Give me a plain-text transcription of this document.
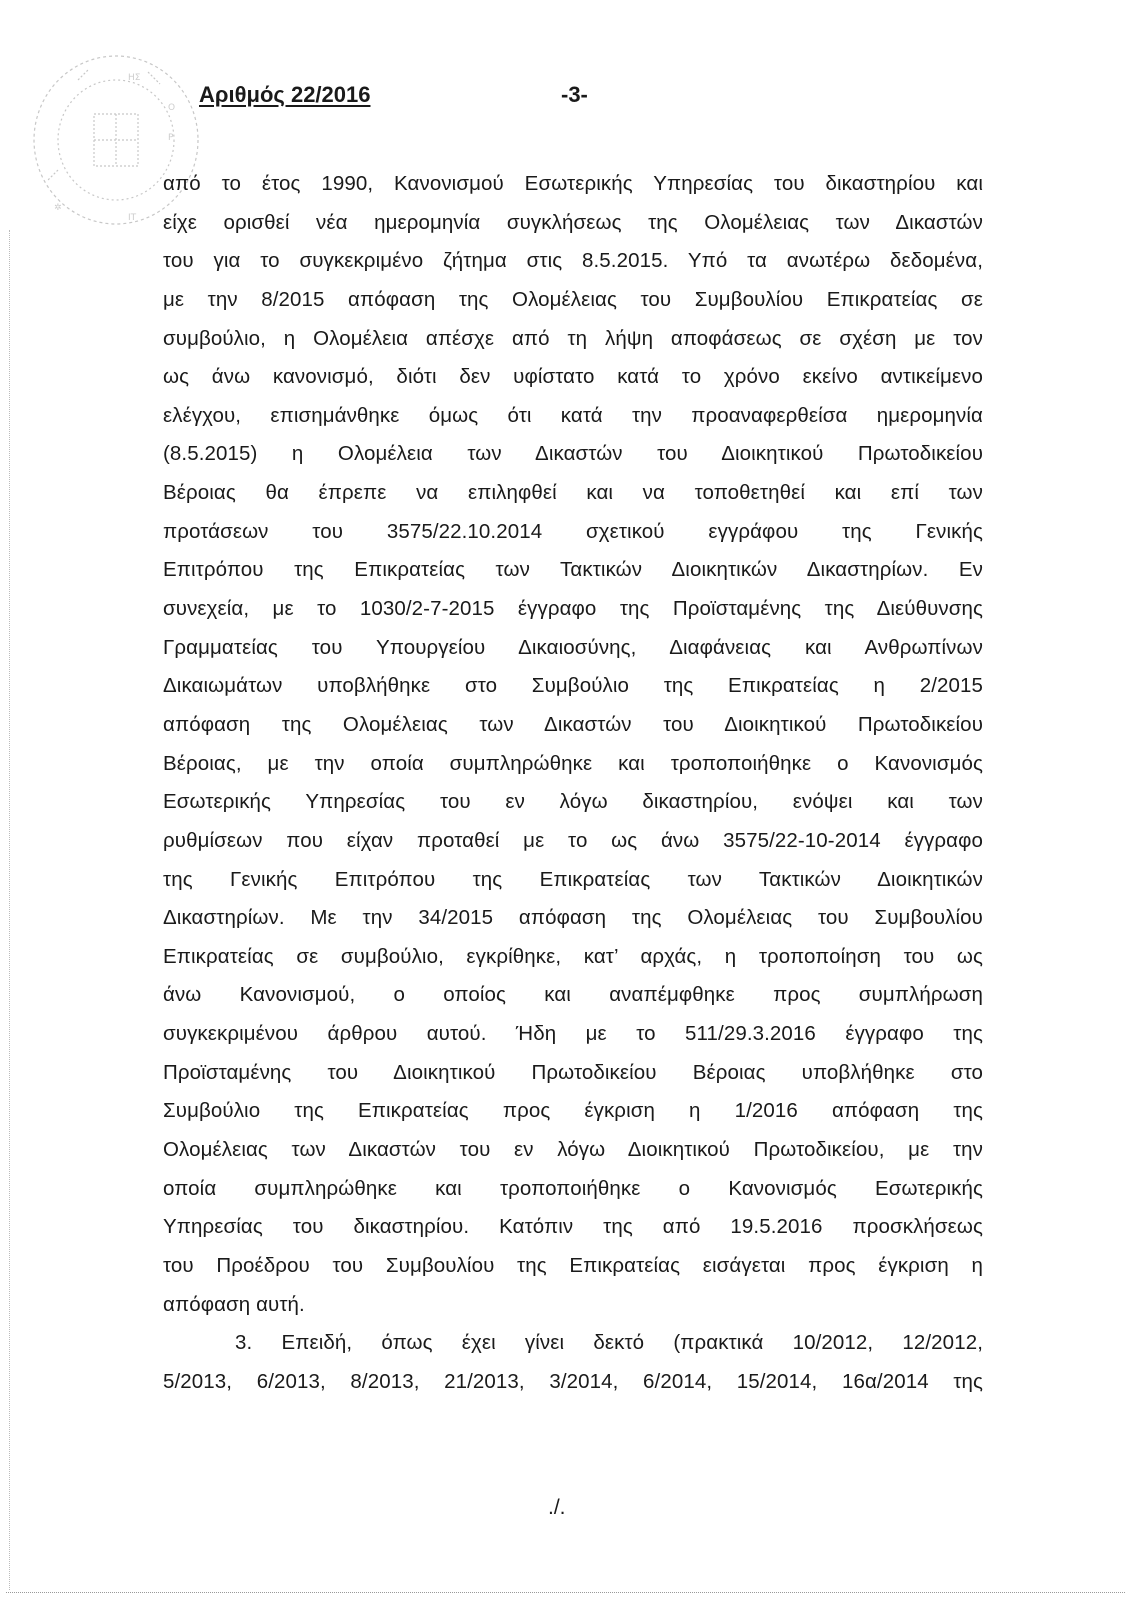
ΗΣ
Ο
Ρ
✲
ΙΤ
Αριθμός 22/2016	-3-
από το έτος 1990, Κανονισμού Εσωτερικής Υπηρεσίας του δικαστηρίου και
είχε ορισθεί νέα ημερομηνία συγκλήσεως της Ολομέλειας των Δικαστών
του για το συγκεκριμένο ζήτημα στις 8.5.2015. Υπό τα ανωτέρω δεδομένα,
με την 8/2015 απόφαση της Ολομέλειας του Συμβουλίου Επικρατείας σε
συμβούλιο, η Ολομέλεια απέσχε από τη λήψη αποφάσεως σε σχέση με τον
ως άνω κανονισμό, διότι δεν υφίστατο κατά το χρόνο εκείνο αντικείμενο
ελέγχου, επισημάνθηκε όμως ότι κατά την προαναφερθείσα ημερομηνία
(8.5.2015) η Ολομέλεια των Δικαστών του Διοικητικού Πρωτοδικείου
Βέροιας θα έπρεπε να επιληφθεί και να τοποθετηθεί και επί των
προτάσεων του 3575/22.10.2014 σχετικού εγγράφου της Γενικής
Επιτρόπου της Επικρατείας των Τακτικών Διοικητικών Δικαστηρίων. Εν
συνεχεία, με το 1030/2-7-2015 έγγραφο της Προϊσταμένης της Διεύθυνσης
Γραμματείας του Υπουργείου Δικαιοσύνης, Διαφάνειας και Ανθρωπίνων
Δικαιωμάτων υποβλήθηκε στο Συμβούλιο της Επικρατείας η 2/2015
απόφαση της Ολομέλειας των Δικαστών του Διοικητικού Πρωτοδικείου
Βέροιας, με την οποία συμπληρώθηκε και τροποποιήθηκε ο Κανονισμός
Εσωτερικής Υπηρεσίας του εν λόγω δικαστηρίου, ενόψει και των
ρυθμίσεων που είχαν προταθεί με το ως άνω 3575/22-10-2014 έγγραφο
της Γενικής Επιτρόπου της Επικρατείας των Τακτικών Διοικητικών
Δικαστηρίων. Με την 34/2015 απόφαση της Ολομέλειας του Συμβουλίου
Επικρατείας σε συμβούλιο, εγκρίθηκε, κατ’ αρχάς, η τροποποίηση του ως
άνω Κανονισμού, ο οποίος και αναπέμφθηκε προς συμπλήρωση
συγκεκριμένου άρθρου αυτού. Ήδη με το 511/29.3.2016 έγγραφο της
Προϊσταμένης του Διοικητικού Πρωτοδικείου Βέροιας υποβλήθηκε στο
Συμβούλιο της Επικρατείας προς έγκριση η 1/2016 απόφαση της
Ολομέλειας των Δικαστών του εν λόγω Διοικητικού Πρωτοδικείου, με την
οποία συμπληρώθηκε και τροποποιήθηκε ο Κανονισμός Εσωτερικής
Υπηρεσίας του δικαστηρίου. Κατόπιν της από 19.5.2016 προσκλήσεως
του Προέδρου του Συμβουλίου της Επικρατείας εισάγεται προς έγκριση η
απόφαση αυτή.
3. Επειδή, όπως έχει γίνει δεκτό (πρακτικά 10/2012, 12/2012,
5/2013, 6/2013, 8/2013, 21/2013, 3/2014, 6/2014, 15/2014, 16α/2014 της
./.
